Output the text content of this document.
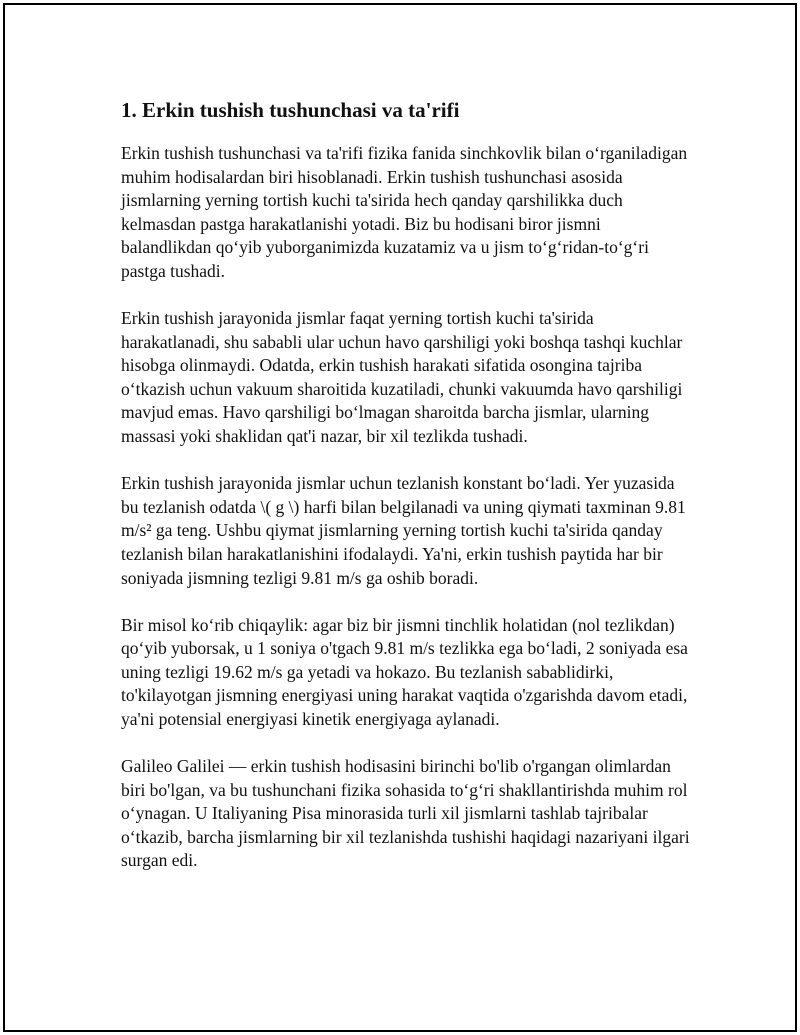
1. Erkin tushish tushunchasi va ta'rifi

Erkin tushish tushunchasi va ta'rifi fizika fanida sinchkovlik bilan o‘rganiladigan muhim hodisalardan biri hisoblanadi. Erkin tushish tushunchasi asosida jismlarning yerning tortish kuchi ta'sirida hech qanday qarshilikka duch kelmasdan pastga harakatlanishi yotadi. Biz bu hodisani biror jismni balandlikdan qo‘yib yuborganimizda kuzatamiz va u jism to‘g‘ridan-to‘g‘ri pastga tushadi.

Erkin tushish jarayonida jismlar faqat yerning tortish kuchi ta'sirida harakatlanadi, shu sababli ular uchun havo qarshiligi yoki boshqa tashqi kuchlar hisobga olinmaydi. Odatda, erkin tushish harakati sifatida osongina tajriba o‘tkazish uchun vakuum sharoitida kuzatiladi, chunki vakuumda havo qarshiligi mavjud emas. Havo qarshiligi bo‘lmagan sharoitda barcha jismlar, ularning massasi yoki shaklidan qat'i nazar, bir xil tezlikda tushadi.

Erkin tushish jarayonida jismlar uchun tezlanish konstant bo‘ladi. Yer yuzasida bu tezlanish odatda \( g \) harfi bilan belgilanadi va uning qiymati taxminan 9.81 m/s² ga teng. Ushbu qiymat jismlarning yerning tortish kuchi ta'sirida qanday tezlanish bilan harakatlanishini ifodalaydi. Ya'ni, erkin tushish paytida har bir soniyada jismning tezligi 9.81 m/s ga oshib boradi.

Bir misol ko‘rib chiqaylik: agar biz bir jismni tinchlik holatidan (nol tezlikdan) qo‘yib yuborsak, u 1 soniya o'tgach 9.81 m/s tezlikka ega bo‘ladi, 2 soniyada esa uning tezligi 19.62 m/s ga yetadi va hokazo. Bu tezlanish sabablidirki, to'kilayotgan jismning energiyasi uning harakat vaqtida o'zgarishda davom etadi, ya'ni potensial energiyasi kinetik energiyaga aylanadi.

Galileo Galilei — erkin tushish hodisasini birinchi bo'lib o'rgangan olimlardan biri bo'lgan, va bu tushunchani fizika sohasida to‘g‘ri shakllantirishda muhim rol o‘ynagan. U Italiyaning Pisa minorasida turli xil jismlarni tashlab tajribalar o‘tkazib, barcha jismlarning bir xil tezlanishda tushishi haqidagi nazariyani ilgari surgan edi.
